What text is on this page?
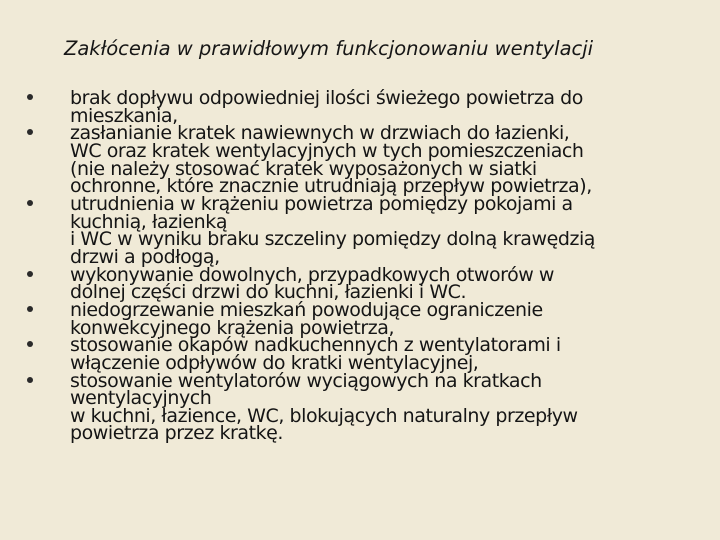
Zakłócenia w prawidłowym funkcjonowaniu wentylacji
brak dopływu odpowiedniej ilości świeżego powietrza do
mieszkania,
zasłanianie kratek nawiewnych w drzwiach do łazienki,
WC oraz kratek wentylacyjnych w tych pomieszczeniach
(nie należy stosować kratek wyposażonych w siatki
ochronne, które znacznie utrudniają przepływ powietrza),
utrudnienia w krążeniu powietrza pomiędzy pokojami a
kuchnią, łazienką
i WC w wyniku braku szczeliny pomiędzy dolną krawędzią
drzwi a podłogą,
wykonywanie dowolnych, przypadkowych otworów w
dolnej części drzwi do kuchni, łazienki i WC.
niedogrzewanie mieszkań powodujące ograniczenie
konwekcyjnego krążenia powietrza,
stosowanie okapów nadkuchennych z wentylatorami i
włączenie odpływów do kratki wentylacyjnej,
stosowanie wentylatorów wyciągowych na kratkach
wentylacyjnych
w kuchni, łazience, WC, blokujących naturalny przepływ
powietrza przez kratkę.
